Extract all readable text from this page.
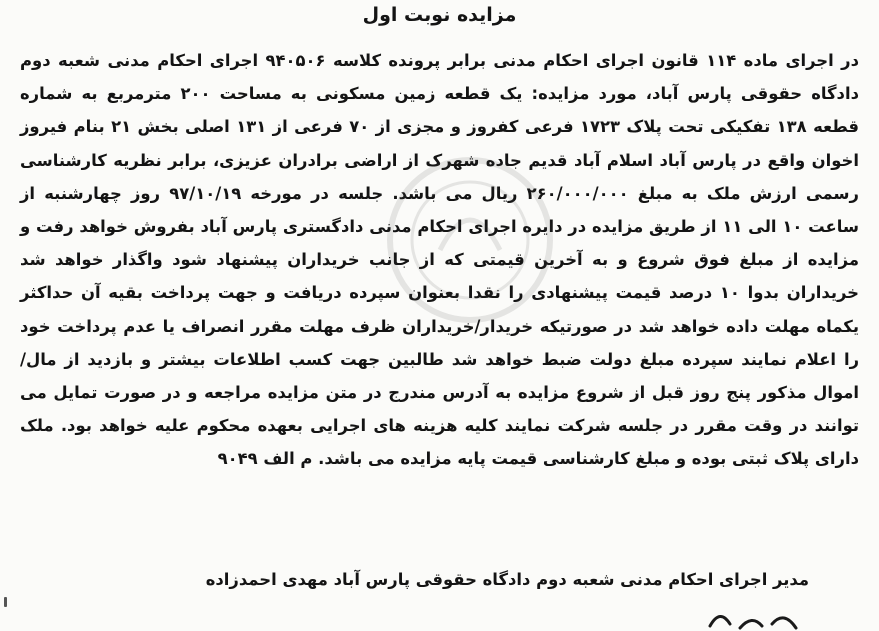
مزایده نوبت اول
در اجرای ماده ۱۱۴ قانون اجرای احکام مدنی برابر پرونده کلاسه ۹۴۰۵۰۶ اجرای احکام مدنی شعبه دوم دادگاه حقوقی پارس آباد، مورد مزایده: یک قطعه زمین مسکونی به مساحت ۲۰۰ مترمربع به شماره قطعه ۱۳۸ تفکیکی تحت پلاک ۱۷۲۳ فرعی کفروز و مجزی از ۷۰ فرعی از ۱۳۱ اصلی بخش ۲۱ بنام فیروز اخوان واقع در پارس آباد اسلام آباد قدیم جاده شهرک از اراضی برادران عزیزی، برابر نظریه کارشناسی رسمی ارزش ملک به مبلغ ۲۶۰/۰۰۰/۰۰۰ ریال می باشد. جلسه در مورخه ۹۷/۱۰/۱۹ روز چهارشنبه از ساعت ۱۰ الی ۱۱ از طریق مزایده در دایره اجرای احکام مدنی دادگستری پارس آباد بفروش خواهد رفت و مزایده از مبلغ فوق شروع و به آخرین قیمتی که از جانب خریداران پیشنهاد شود واگذار خواهد شد خریداران بدوا ۱۰ درصد قیمت پیشنهادی را نقدا بعنوان سپرده دریافت و جهت پرداخت بقیه آن حداکثر یکماه مهلت داده خواهد شد در صورتیکه خریدار/خریداران ظرف مهلت مقرر انصراف یا عدم پرداخت خود را اعلام نمایند سپرده مبلغ دولت ضبط خواهد شد طالبین جهت کسب اطلاعات بیشتر و بازدید از مال/اموال مذکور پنج روز قبل از شروع مزایده به آدرس مندرج در متن مزایده مراجعه و در صورت تمایل می توانند در وقت مقرر در جلسه شرکت نمایند کلیه هزینه های اجرایی بعهده محکوم علیه خواهد بود. ملک دارای پلاک ثبتی بوده و مبلغ کارشناسی قیمت پایه مزایده می باشد. م الف ۹۰۴۹
مدیر اجرای احکام مدنی شعبه دوم دادگاه حقوقی پارس آباد مهدی احمدزاده
